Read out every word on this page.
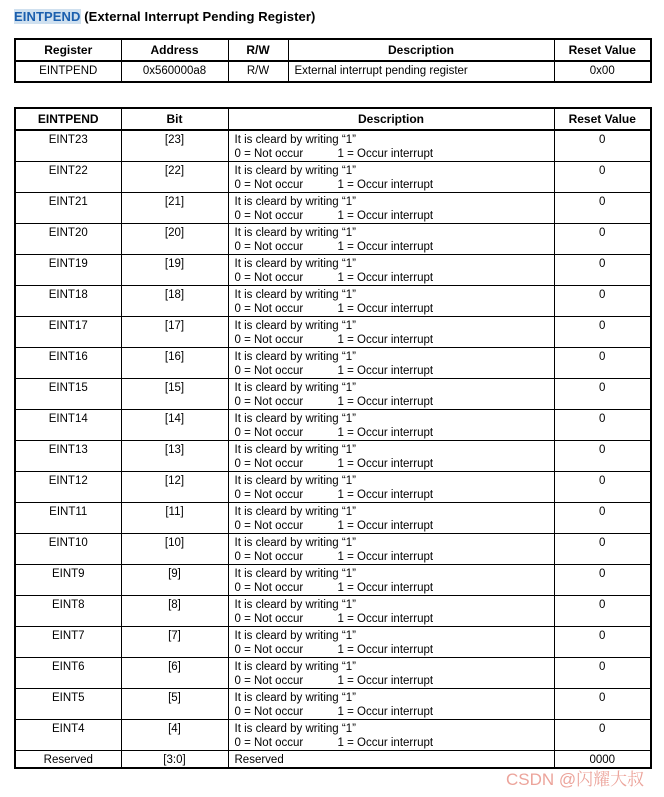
EINTPEND (External Interrupt Pending Register)
Register	Address	R/W	Description	Reset Value
EINTPEND	0x560000a8	R/W	External interrupt pending register	0x00
EINTPEND	Bit	Description	Reset Value
EINT23	[23]	It is cleard by writing “1”
0 = Not occur 1 = Occur interrupt	0
EINT22	[22]	It is cleard by writing “1”
0 = Not occur 1 = Occur interrupt	0
EINT21	[21]	It is cleard by writing “1”
0 = Not occur 1 = Occur interrupt	0
EINT20	[20]	It is cleard by writing “1”
0 = Not occur 1 = Occur interrupt	0
EINT19	[19]	It is cleard by writing “1”
0 = Not occur 1 = Occur interrupt	0
EINT18	[18]	It is cleard by writing “1”
0 = Not occur 1 = Occur interrupt	0
EINT17	[17]	It is cleard by writing “1”
0 = Not occur 1 = Occur interrupt	0
EINT16	[16]	It is cleard by writing “1”
0 = Not occur 1 = Occur interrupt	0
EINT15	[15]	It is cleard by writing “1”
0 = Not occur 1 = Occur interrupt	0
EINT14	[14]	It is cleard by writing “1”
0 = Not occur 1 = Occur interrupt	0
EINT13	[13]	It is cleard by writing “1”
0 = Not occur 1 = Occur interrupt	0
EINT12	[12]	It is cleard by writing “1”
0 = Not occur 1 = Occur interrupt	0
EINT11	[11]	It is cleard by writing “1”
0 = Not occur 1 = Occur interrupt	0
EINT10	[10]	It is cleard by writing “1”
0 = Not occur 1 = Occur interrupt	0
EINT9	[9]	It is cleard by writing “1”
0 = Not occur 1 = Occur interrupt	0
EINT8	[8]	It is cleard by writing “1”
0 = Not occur 1 = Occur interrupt	0
EINT7	[7]	It is cleard by writing “1”
0 = Not occur 1 = Occur interrupt	0
EINT6	[6]	It is cleard by writing “1”
0 = Not occur 1 = Occur interrupt	0
EINT5	[5]	It is cleard by writing “1”
0 = Not occur 1 = Occur interrupt	0
EINT4	[4]	It is cleard by writing “1”
0 = Not occur 1 = Occur interrupt	0
Reserved	[3:0]	Reserved	0000
CSDN @闪耀大叔
